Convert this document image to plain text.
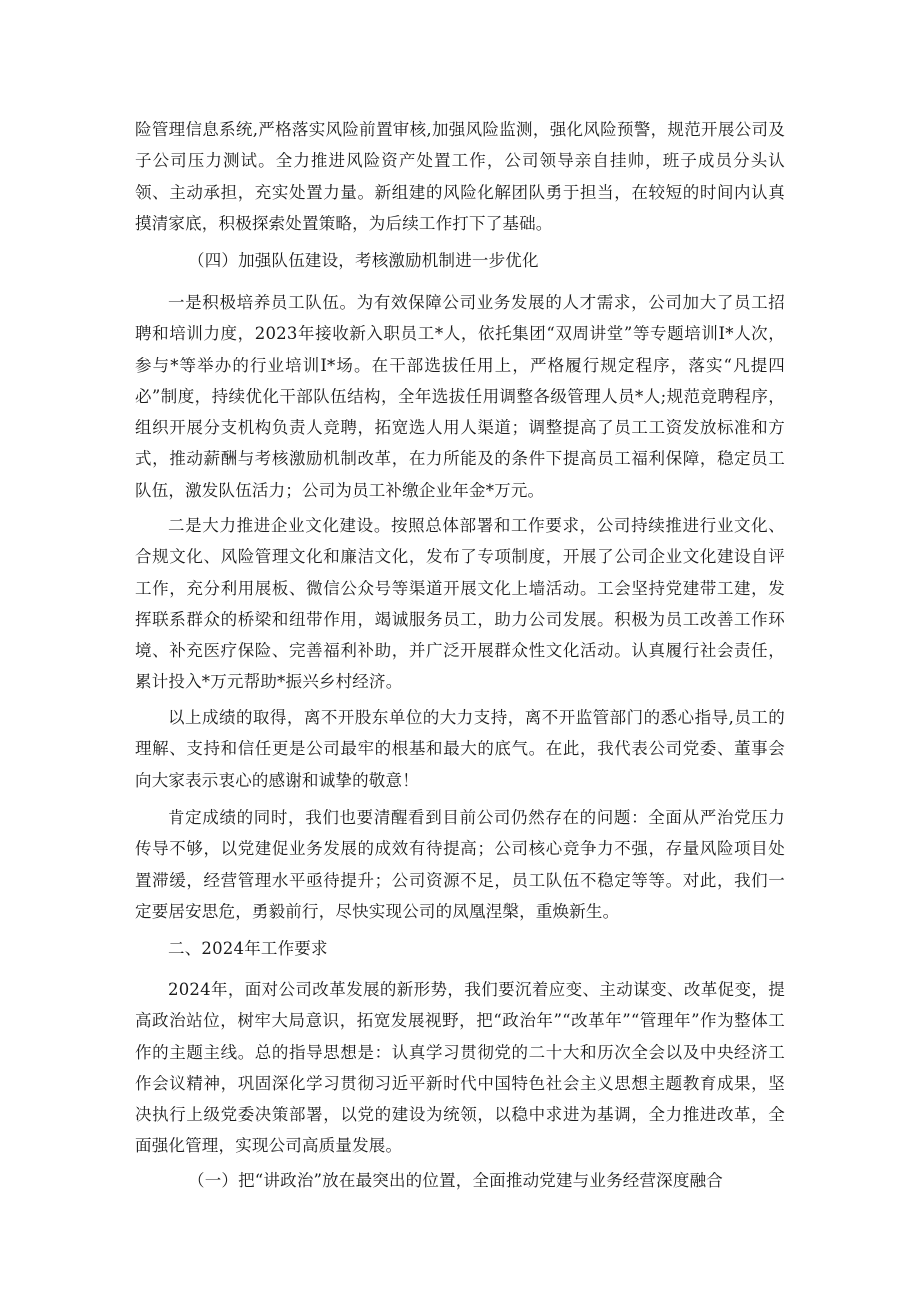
险管理信息系统,严格落实风险前置审核,加强风险监测，强化风险预警，规范开展公司及子公司压力测试。全力推进风险资产处置工作，公司领导亲自挂帅，班子成员分头认领、主动承担，充实处置力量。新组建的风险化解团队勇于担当，在较短的时间内认真摸清家底，积极探索处置策略，为后续工作打下了基础。

（四）加强队伍建设，考核激励机制进一步优化

一是积极培养员工队伍。为有效保障公司业务发展的人才需求，公司加大了员工招聘和培训力度，2023年接收新入职员工*人，依托集团“双周讲堂”等专题培训I*人次，参与*等举办的行业培训I*场。在干部选拔任用上，严格履行规定程序，落实“凡提四必”制度，持续优化干部队伍结构，全年选拔任用调整各级管理人员*人;规范竞聘程序，组织开展分支机构负责人竞聘，拓宽选人用人渠道；调整提高了员工工资发放标准和方式，推动薪酬与考核激励机制改革，在力所能及的条件下提高员工福利保障，稳定员工队伍，激发队伍活力；公司为员工补缴企业年金*万元。

二是大力推进企业文化建设。按照总体部署和工作要求，公司持续推进行业文化、合规文化、风险管理文化和廉洁文化，发布了专项制度，开展了公司企业文化建设自评工作，充分利用展板、微信公众号等渠道开展文化上墙活动。工会坚持党建带工建，发挥联系群众的桥梁和纽带作用，竭诚服务员工，助力公司发展。积极为员工改善工作环境、补充医疗保险、完善福利补助，并广泛开展群众性文化活动。认真履行社会责任，累计投入*万元帮助*振兴乡村经济。

以上成绩的取得，离不开股东单位的大力支持，离不开监管部门的悉心指导,员工的理解、支持和信任更是公司最牢的根基和最大的底气。在此，我代表公司党委、董事会向大家表示衷心的感谢和诚挚的敬意！

肯定成绩的同时，我们也要清醒看到目前公司仍然存在的问题：全面从严治党压力传导不够，以党建促业务发展的成效有待提高；公司核心竞争力不强，存量风险项目处置滞缓，经营管理水平亟待提升；公司资源不足，员工队伍不稳定等等。对此，我们一定要居安思危，勇毅前行，尽快实现公司的凤凰涅槃，重焕新生。

二、2024年工作要求

2024年，面对公司改革发展的新形势，我们要沉着应变、主动谋变、改革促变，提高政治站位，树牢大局意识，拓宽发展视野，把“政治年”“改革年”“管理年”作为整体工作的主题主线。总的指导思想是：认真学习贯彻党的二十大和历次全会以及中央经济工作会议精神，巩固深化学习贯彻习近平新时代中国特色社会主义思想主题教育成果，坚决执行上级党委决策部署，以党的建设为统领，以稳中求进为基调，全力推进改革，全面强化管理，实现公司高质量发展。

（一）把“讲政治”放在最突出的位置，全面推动党建与业务经营深度融合
